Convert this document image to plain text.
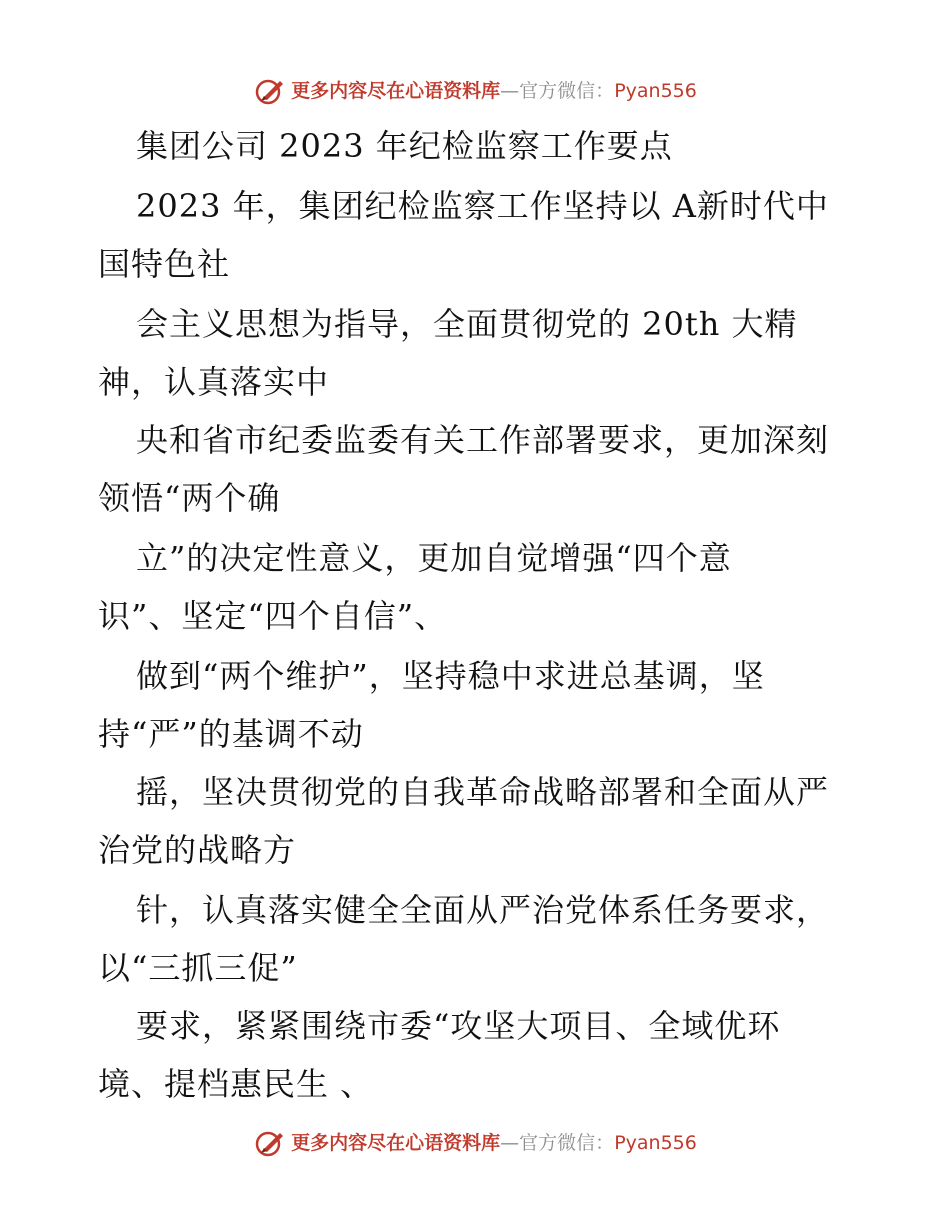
更多内容尽在心语资料库 — 官方微信： Pyan556
集团公司 2023 年纪检监察工作要点
2023 年，集团纪检监察工作坚持以 A新时代中
国特色社
会主义思想为指导，全面贯彻党的 20th 大精
神，认真落实中
央和省市纪委监委有关工作部署要求，更加深刻
领悟“两个确
立”的决定性意义，更加自觉增强“四个意
识”、坚定“四个自信”、
做到“两个维护”，坚持稳中求进总基调，坚
持“严”的基调不动
摇，坚决贯彻党的自我革命战略部署和全面从严
治党的战略方
针，认真落实健全全面从严治党体系任务要求，
以“三抓三促”
要求，紧紧围绕市委“攻坚大项目、全域优环
境、提档惠民生 、
更多内容尽在心语资料库 — 官方微信： Pyan556
